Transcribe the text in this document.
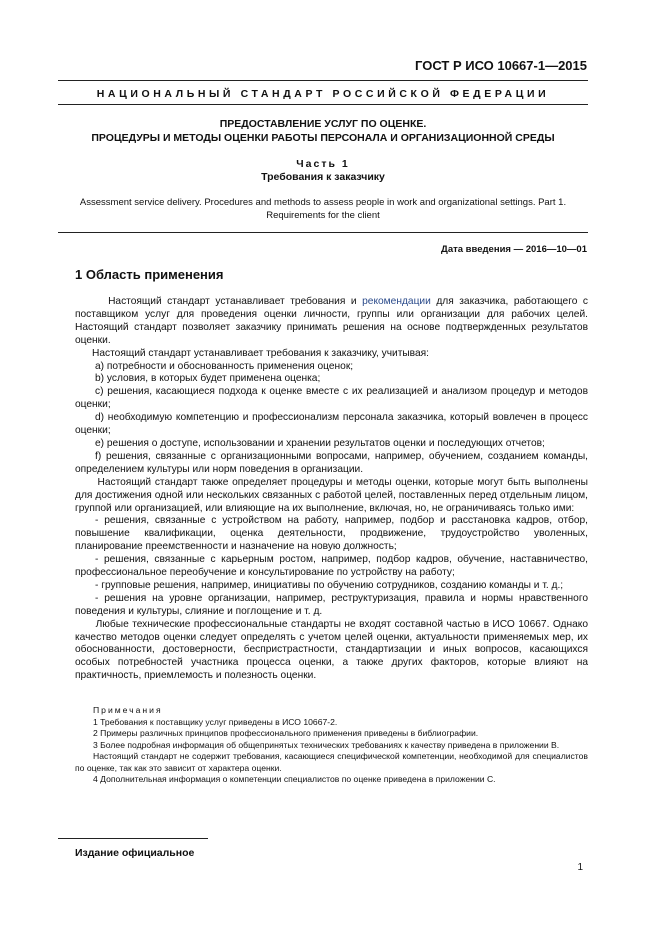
ГОСТ Р ИСО 10667-1—2015
НАЦИОНАЛЬНЫЙ СТАНДАРТ РОССИЙСКОЙ ФЕДЕРАЦИИ
ПРЕДОСТАВЛЕНИЕ УСЛУГ ПО ОЦЕНКЕ.
ПРОЦЕДУРЫ И МЕТОДЫ ОЦЕНКИ РАБОТЫ ПЕРСОНАЛА И ОРГАНИЗАЦИОННОЙ СРЕДЫ
Часть 1
Требования к заказчику
Assessment service delivery. Procedures and methods to assess people in work and organizational settings. Part 1.
Requirements for the client
Дата введения — 2016—10—01
1 Область применения

Настоящий стандарт устанавливает требования и рекомендации для заказчика, работающего с поставщиком услуг для проведения оценки личности, группы или организации для рабочих целей. Настоящий стандарт позволяет заказчику принимать решения на основе подтвержденных результатов оценки.

Настоящий стандарт устанавливает требования к заказчику, учитывая:

а) потребности и обоснованность применения оценок;

b) условия, в которых будет применена оценка;

c) решения, касающиеся подхода к оценке вместе с их реализацией и анализом процедур и методов оценки;

d) необходимую компетенцию и профессионализм персонала заказчика, который вовлечен в процесс оценки;

e) решения о доступе, использовании и хранении результатов оценки и последующих отчетов;

f) решения, связанные с организационными вопросами, например, обучением, созданием команды, определением культуры или норм поведения в организации.

Настоящий стандарт также определяет процедуры и методы оценки, которые могут быть выполнены для достижения одной или нескольких связанных с работой целей, поставленных перед отдельным лицом, группой или организацией, или влияющие на их выполнение, включая, но, не ограничиваясь только ими:

- решения, связанные с устройством на работу, например, подбор и расстановка кадров, отбор, повышение квалификации, оценка деятельности, продвижение, трудоустройство уволенных, планирование преемственности и назначение на новую должность;

- решения, связанные с карьерным ростом, например, подбор кадров, обучение, наставничество, профессиональное переобучение и консультирование по устройству на работу;

- групповые решения, например, инициативы по обучению сотрудников, созданию команды и т. д.;

- решения на уровне организации, например, реструктуризация, правила и нормы нравственного поведения и культуры, слияние и поглощение и т. д.

Любые технические профессиональные стандарты не входят составной частью в ИСО 10667. Однако качество методов оценки следует определять с учетом целей оценки, актуальности применяемых мер, их обоснованности, достоверности, беспристрастности, стандартизации и иных вопросов, касающихся особых потребностей участника процесса оценки, а также других факторов, которые влияют на практичность, приемлемость и полезность оценки.

Примечания

1 Требования к поставщику услуг приведены в ИСО 10667-2.

2 Примеры различных принципов профессионального применения приведены в библиографии.

3 Более подробная информация об общепринятых технических требованиях к качеству приведена в приложении В.

Настоящий стандарт не содержит требования, касающиеся специфической компетенции, необходимой для специалистов по оценке, так как это зависит от характера оценки.

4 Дополнительная информация о компетенции специалистов по оценке приведена в приложении С.

Издание официальное
1
